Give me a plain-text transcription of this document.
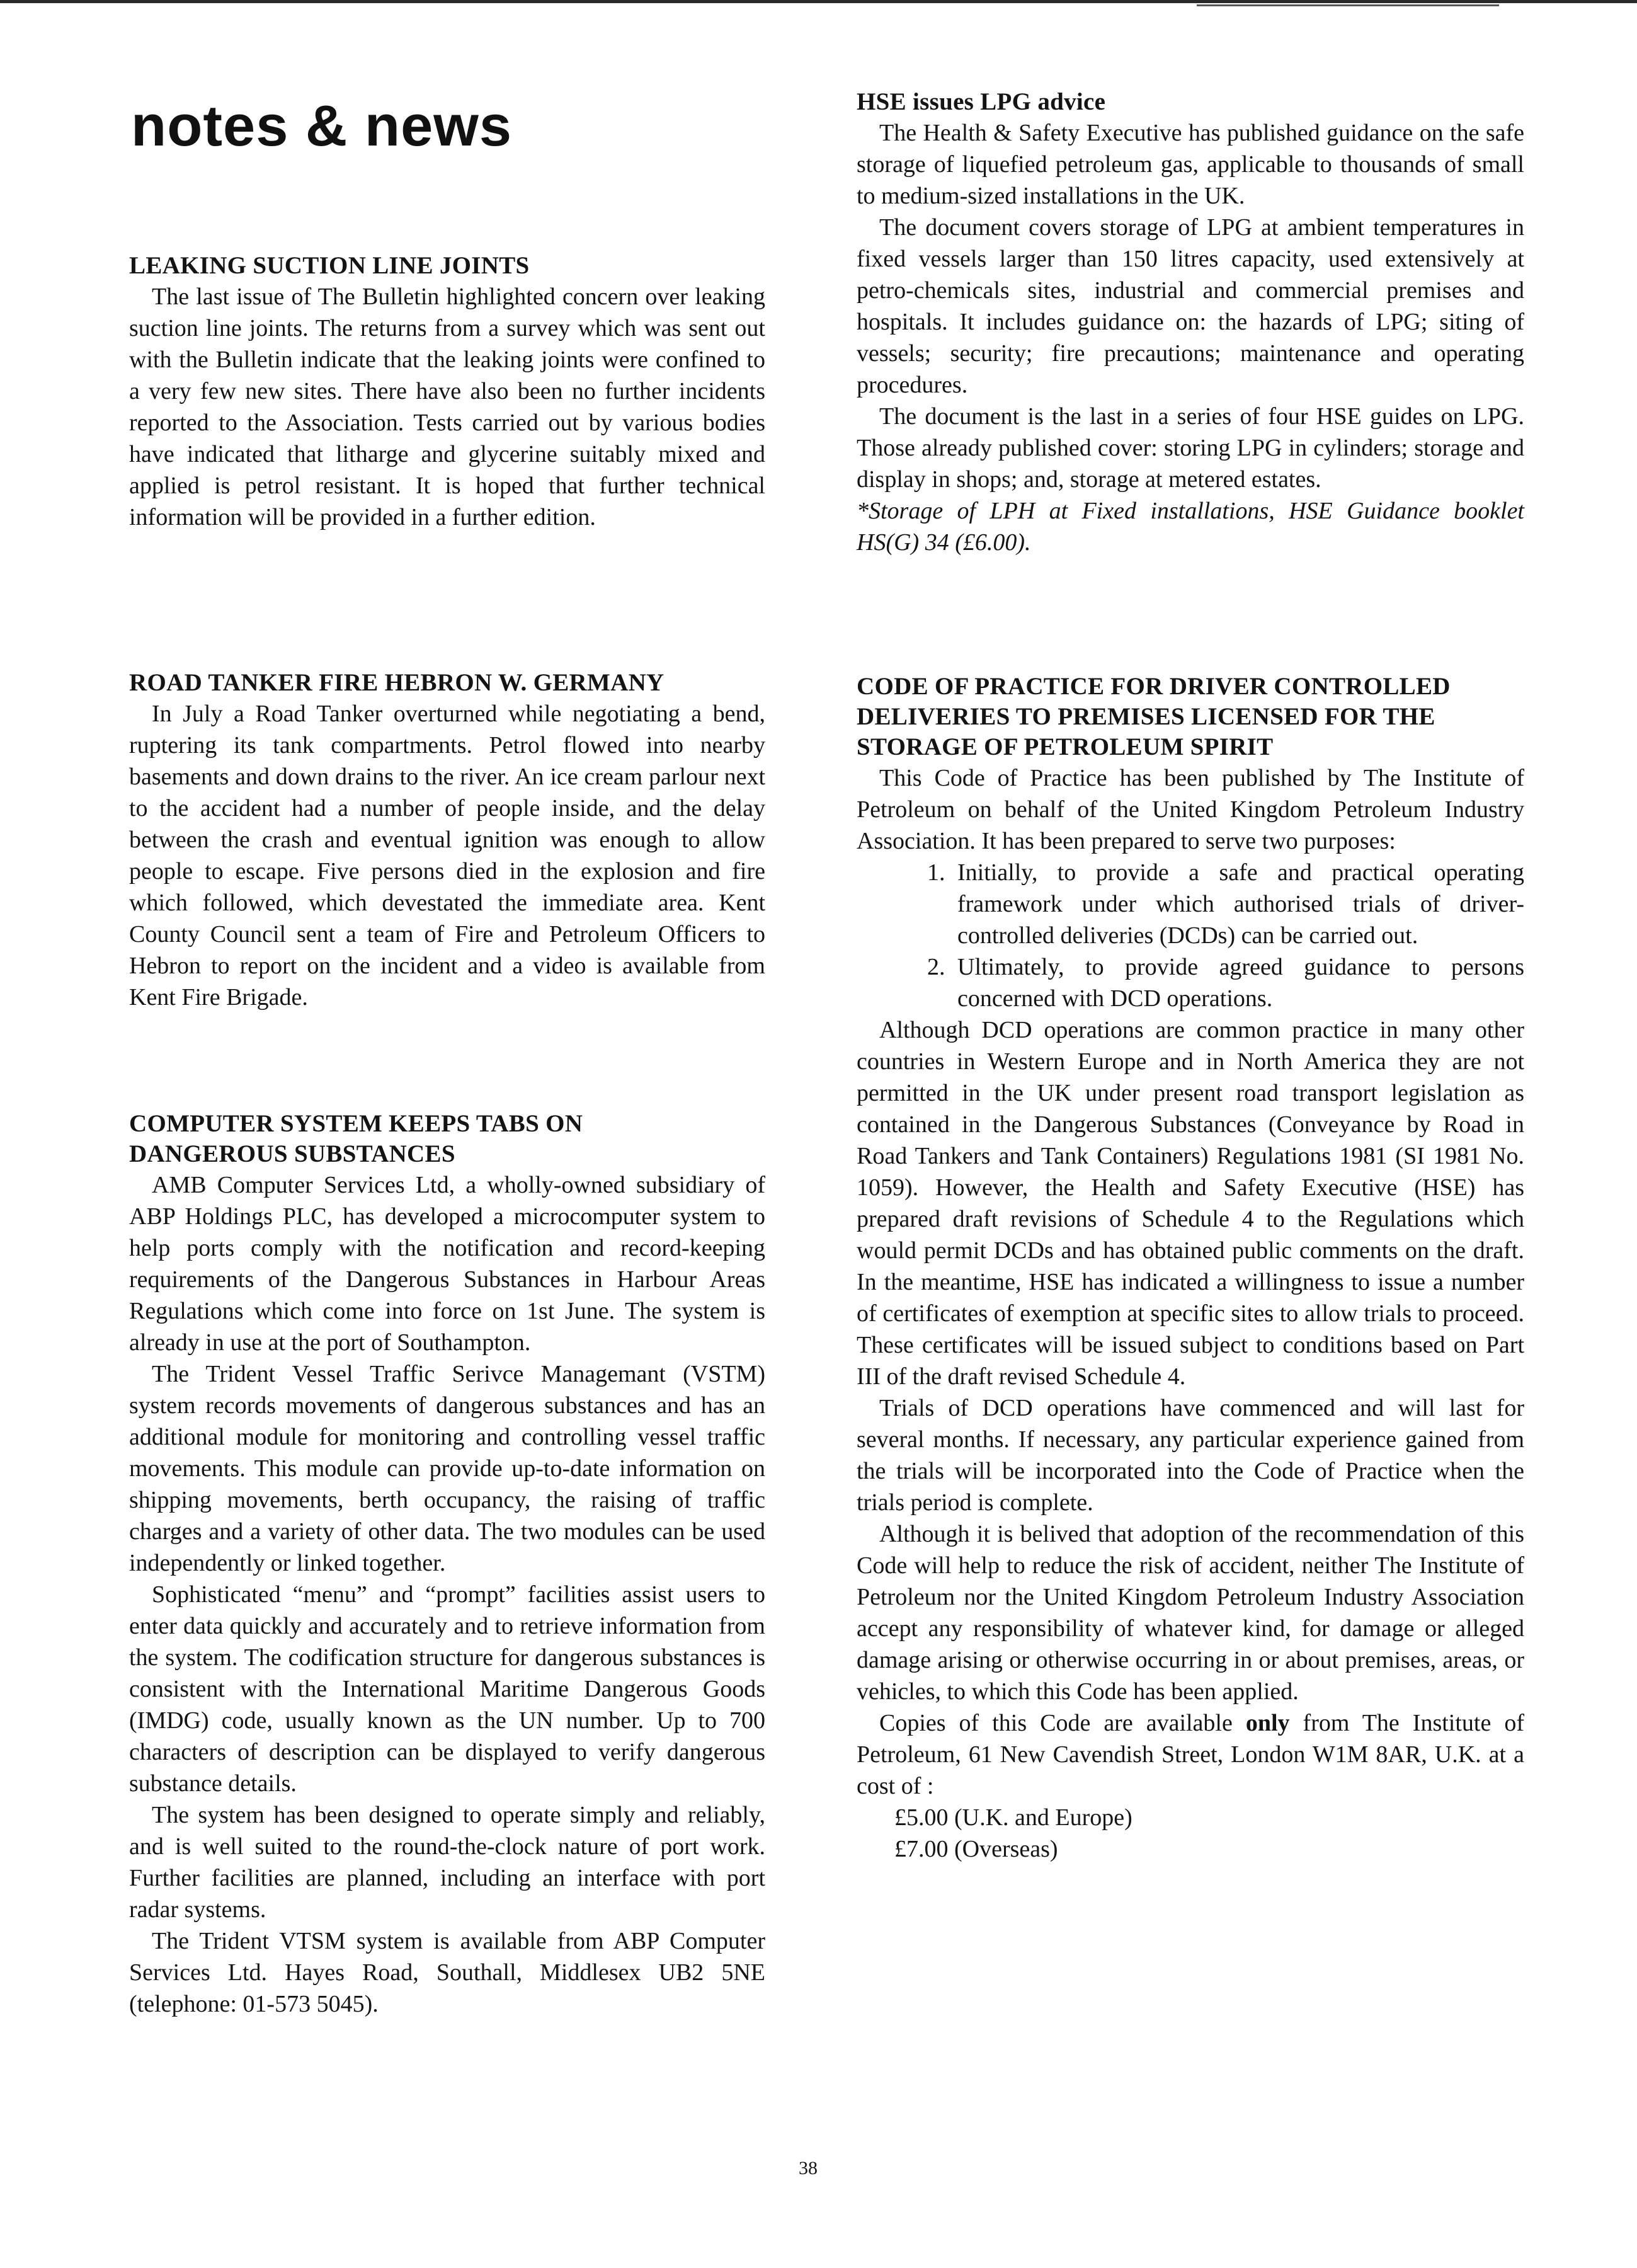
notes & news
LEAKING SUCTION LINE JOINTS

The last issue of The Bulletin highlighted concern over leaking suction line joints. The returns from a survey which was sent out with the Bulletin indicate that the leaking joints were confined to a very few new sites. There have also been no further incidents reported to the Association. Tests carried out by various bodies have indicated that litharge and glycerine suitably mixed and applied is petrol resistant. It is hoped that further technical information will be provided in a further edition.

ROAD TANKER FIRE HEBRON W. GERMANY

In July a Road Tanker overturned while negotiating a bend, ruptering its tank compartments. Petrol flowed into nearby basements and down drains to the river. An ice cream parlour next to the accident had a number of people inside, and the delay between the crash and eventual ignition was enough to allow people to escape. Five persons died in the explosion and fire which followed, which devestated the immediate area. Kent County Council sent a team of Fire and Petroleum Officers to Hebron to report on the incident and a video is available from Kent Fire Brigade.

COMPUTER SYSTEM KEEPS TABS ON
DANGEROUS SUBSTANCES

AMB Computer Services Ltd, a wholly-owned subsidiary of ABP Holdings PLC, has developed a microcomputer system to help ports comply with the notification and record-keeping requirements of the Dangerous Substances in Harbour Areas Regulations which come into force on 1st June. The system is already in use at the port of Southampton.

The Trident Vessel Traffic Serivce Managemant (VSTM) system records movements of dangerous substances and has an additional module for monitoring and controlling vessel traffic movements. This module can provide up-to-date information on shipping movements, berth occupancy, the raising of traffic charges and a variety of other data. The two modules can be used independently or linked together.

Sophisticated “menu” and “prompt” facilities assist users to enter data quickly and accurately and to retrieve information from the system. The codification structure for dangerous substances is consistent with the International Maritime Dangerous Goods (IMDG) code, usually known as the UN number. Up to 700 characters of description can be displayed to verify dangerous substance details.

The system has been designed to operate simply and reliably, and is well suited to the round-the-clock nature of port work. Further facilities are planned, including an interface with port radar systems.

The Trident VTSM system is available from ABP Computer Services Ltd. Hayes Road, Southall, Middlesex UB2 5NE (telephone: 01-573 5045).

HSE issues LPG advice

The Health & Safety Executive has published guidance on the safe storage of liquefied petroleum gas, applicable to thousands of small to medium-sized installations in the UK.

The document covers storage of LPG at ambient temperatures in fixed vessels larger than 150 litres capacity, used extensively at petro-chemicals sites, industrial and commercial premises and hospitals. It includes guidance on: the hazards of LPG; siting of vessels; security; fire precautions; maintenance and operating procedures.

The document is the last in a series of four HSE guides on LPG. Those already published cover: storing LPG in cylinders; storage and display in shops; and, storage at metered estates.

*Storage of LPH at Fixed installations, HSE Guidance booklet HS(G) 34 (£6.00).

CODE OF PRACTICE FOR DRIVER CONTROLLED
DELIVERIES TO PREMISES LICENSED FOR THE
STORAGE OF PETROLEUM SPIRIT

This Code of Practice has been published by The Institute of Petroleum on behalf of the United Kingdom Petroleum Industry Association. It has been prepared to serve two purposes:

1. Initially, to provide a safe and practical operating framework under which authorised trials of driver-controlled deliveries (DCDs) can be carried out.
2. Ultimately, to provide agreed guidance to persons concerned with DCD operations.

Although DCD operations are common practice in many other countries in Western Europe and in North America they are not permitted in the UK under present road transport legislation as contained in the Dangerous Substances (Conveyance by Road in Road Tankers and Tank Containers) Regulations 1981 (SI 1981 No. 1059). However, the Health and Safety Executive (HSE) has prepared draft revisions of Schedule 4 to the Regulations which would permit DCDs and has obtained public comments on the draft. In the meantime, HSE has indicated a willingness to issue a number of certificates of exemption at specific sites to allow trials to proceed. These certificates will be issued subject to conditions based on Part III of the draft revised Schedule 4.

Trials of DCD operations have commenced and will last for several months. If necessary, any particular experience gained from the trials will be incorporated into the Code of Practice when the trials period is complete.

Although it is belived that adoption of the recommendation of this Code will help to reduce the risk of accident, neither The Institute of Petroleum nor the United Kingdom Petroleum Industry Association accept any responsibility of whatever kind, for damage or alleged damage arising or otherwise occurring in or about premises, areas, or vehicles, to which this Code has been applied.

Copies of this Code are available only from The Institute of Petroleum, 61 New Cavendish Street, London W1M 8AR, U.K. at a cost of :

£5.00 (U.K. and Europe)
£7.00 (Overseas)
38
